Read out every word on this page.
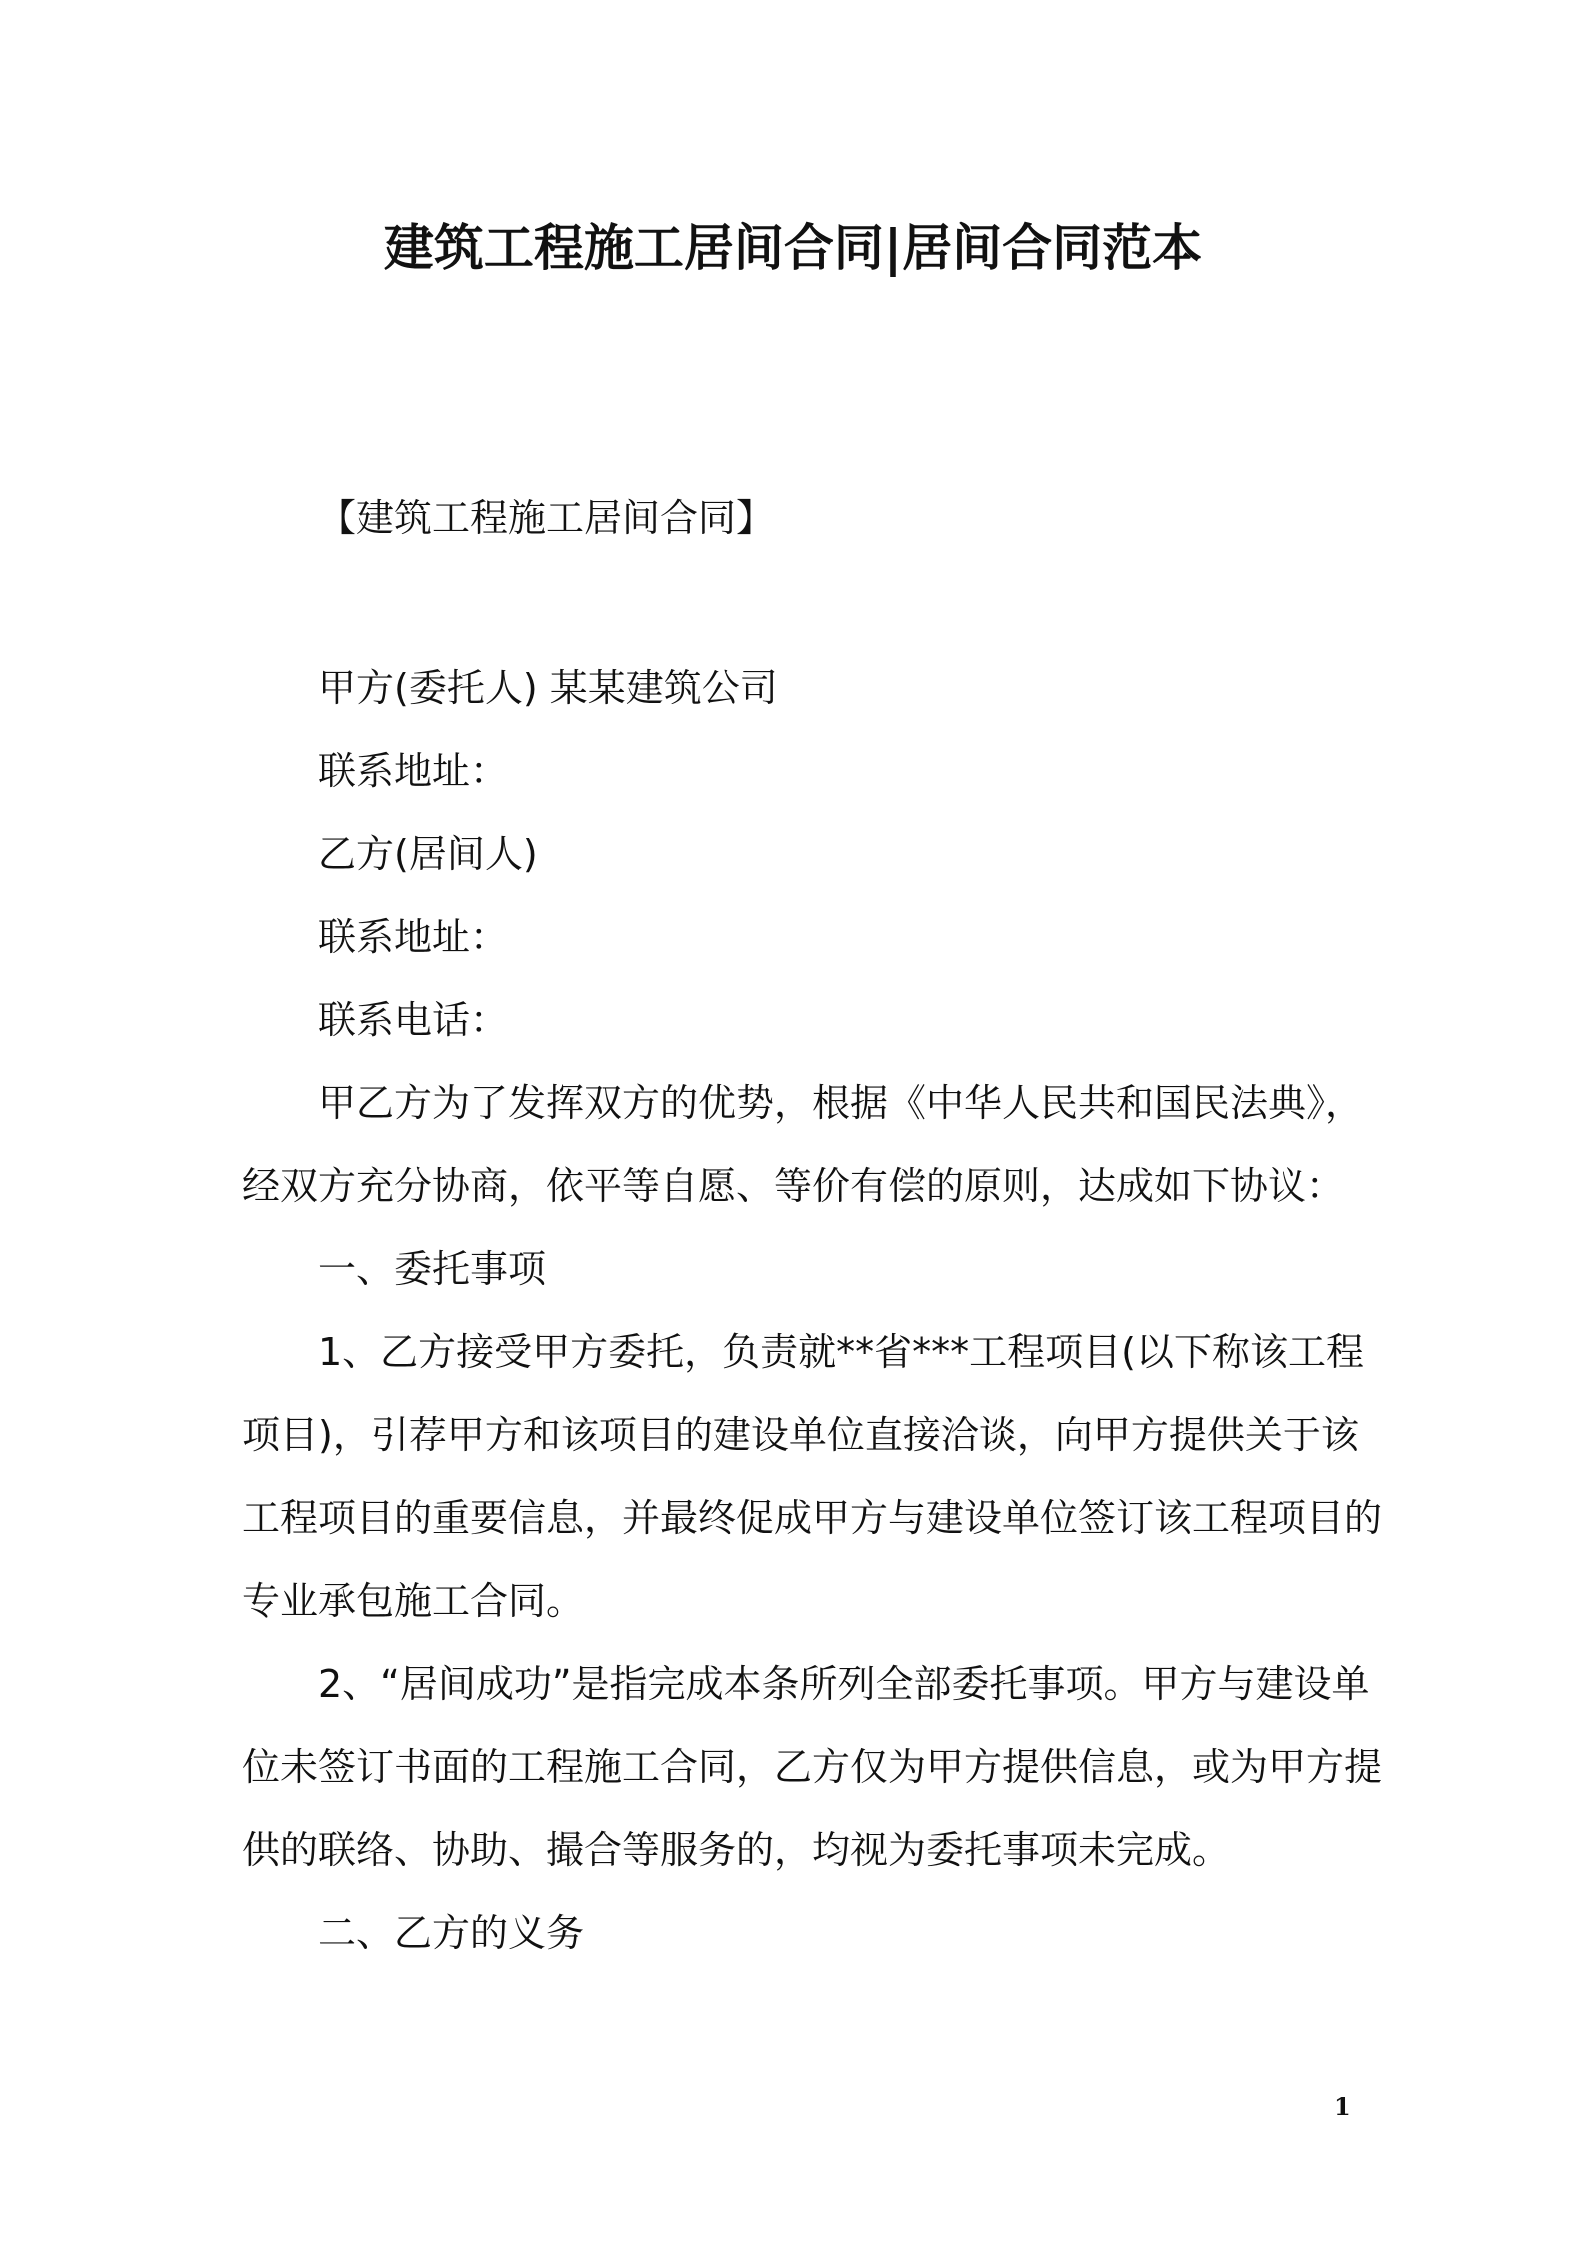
建筑工程施工居间合同|居间合同范本
【建筑工程施工居间合同】
甲方(委托人) 某某建筑公司
联系地址：
乙方(居间人)
联系地址：
联系电话：
甲乙方为了发挥双方的优势，根据《中华人民共和国民法典》，
经双方充分协商，依平等自愿、等价有偿的原则，达成如下协议：
一、委托事项
1、乙方接受甲方委托，负责就**省***工程项目(以下称该工程
项目)，引荐甲方和该项目的建设单位直接洽谈，向甲方提供关于该
工程项目的重要信息，并最终促成甲方与建设单位签订该工程项目的
专业承包施工合同。
2、“居间成功”是指完成本条所列全部委托事项。甲方与建设单
位未签订书面的工程施工合同，乙方仅为甲方提供信息，或为甲方提
供的联络、协助、撮合等服务的，均视为委托事项未完成。
二、乙方的义务
1
